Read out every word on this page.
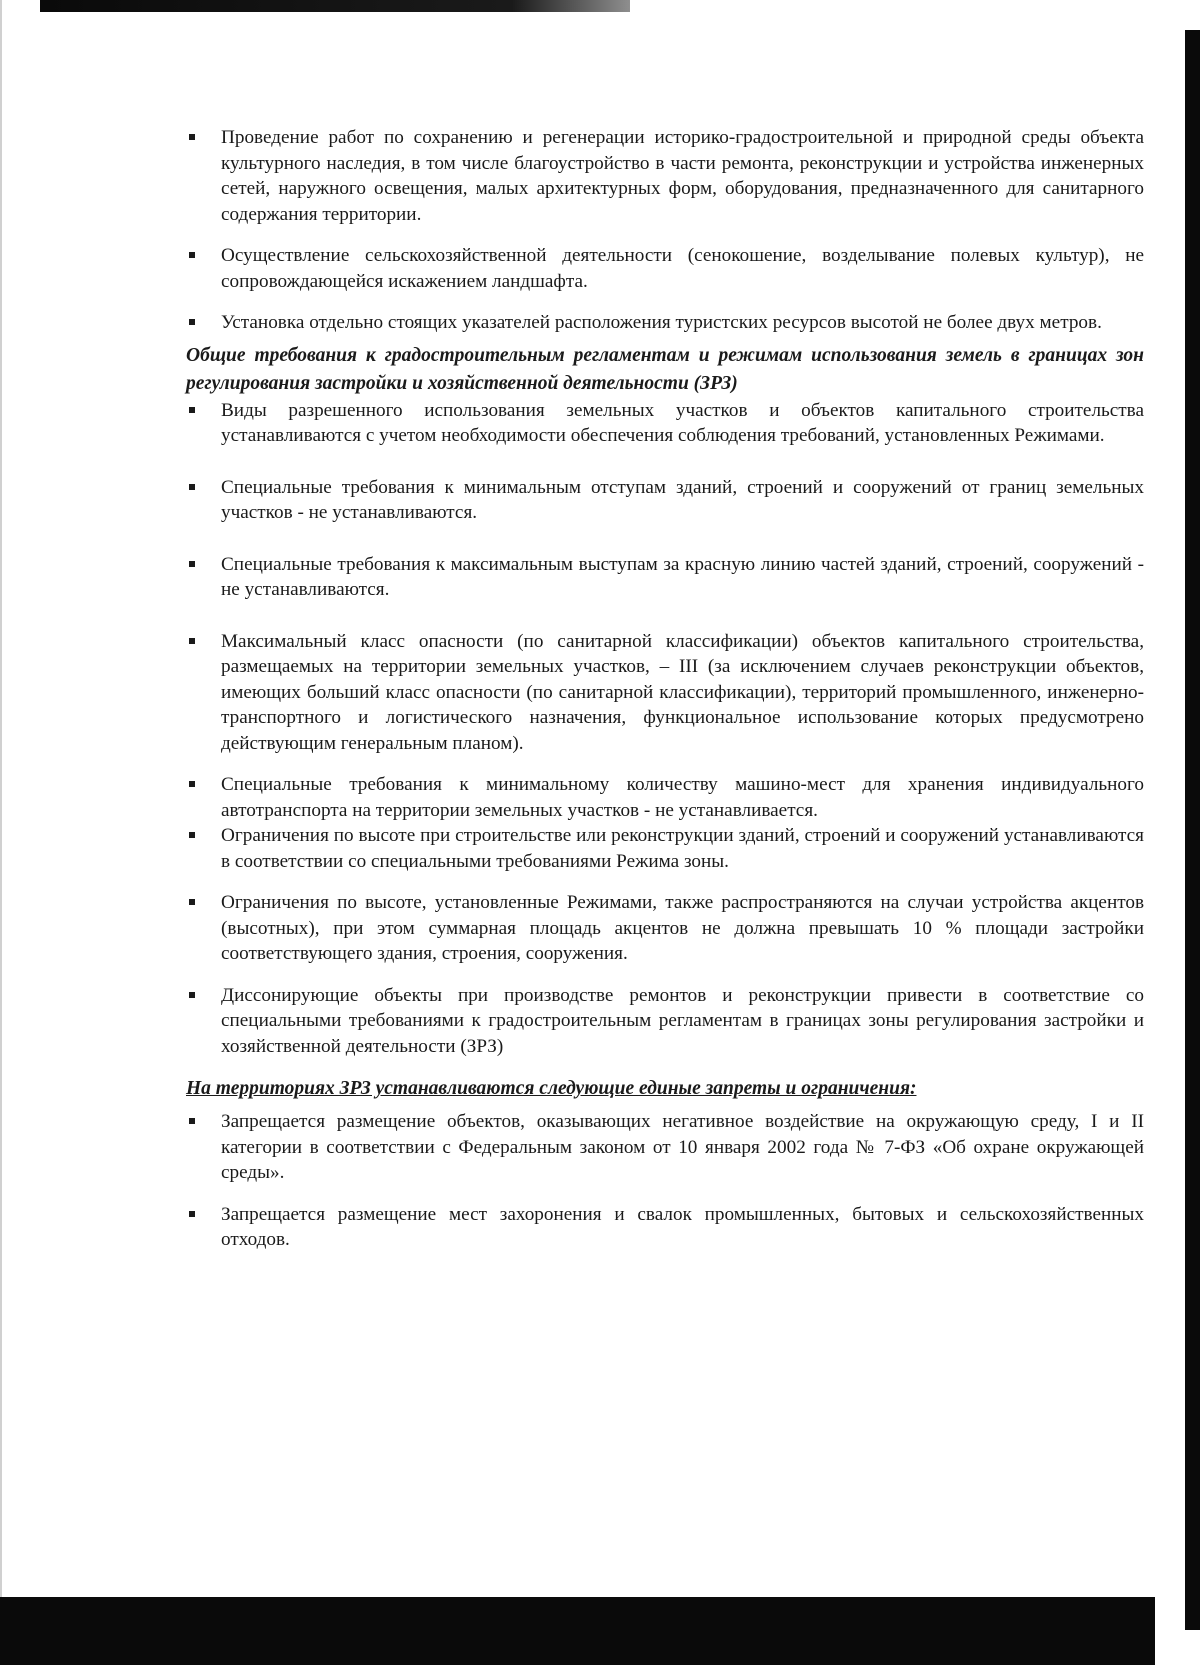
Проведение работ по сохранению и регенерации историко-градостроительной и природной среды объекта культурного наследия, в том числе благоустройство в части ремонта, реконструкции и устройства инженерных сетей, наружного освещения, малых архитектурных форм, оборудования, предназначенного для санитарного содержания территории.
Осуществление сельскохозяйственной деятельности (сенокошение, возделывание полевых культур), не сопровождающейся искажением ландшафта.
Установка отдельно стоящих указателей расположения туристских ресурсов высотой не более двух метров.
Общие требования к градостроительным регламентам и режимам использования земель в границах зон регулирования застройки и хозяйственной деятельности (ЗРЗ)
Виды разрешенного использования земельных участков и объектов капитального строительства устанавливаются с учетом необходимости обеспечения соблюдения требований, установленных Режимами.
Специальные требования к минимальным отступам зданий, строений и сооружений от границ земельных участков - не устанавливаются.
Специальные требования к максимальным выступам за красную линию частей зданий, строений, сооружений - не устанавливаются.
Максимальный класс опасности (по санитарной классификации) объектов капитального строительства, размещаемых на территории земельных участков, – III (за исключением случаев реконструкции объектов, имеющих больший класс опасности (по санитарной классификации), территорий промышленного, инженерно-транспортного и логистического назначения, функциональное использование которых предусмотрено действующим генеральным планом).
Специальные требования к минимальному количеству машино-мест для хранения индивидуального автотранспорта на территории земельных участков - не устанавливается.
Ограничения по высоте при строительстве или реконструкции зданий, строений и сооружений устанавливаются в соответствии со специальными требованиями Режима зоны.
Ограничения по высоте, установленные Режимами, также распространяются на случаи устройства акцентов (высотных), при этом суммарная площадь акцентов не должна превышать 10 % площади застройки соответствующего здания, строения, сооружения.
Диссонирующие объекты при производстве ремонтов и реконструкции привести в соответствие со специальными требованиями к градостроительным регламентам в границах зоны регулирования застройки и хозяйственной деятельности (ЗРЗ)
На территориях ЗРЗ устанавливаются следующие единые запреты и ограничения:
Запрещается размещение объектов, оказывающих негативное воздействие на окружающую среду, I и II категории в соответствии с Федеральным законом от 10 января 2002 года № 7-ФЗ «Об охране окружающей среды».
Запрещается размещение мест захоронения и свалок промышленных, бытовых и сельскохозяйственных отходов.
